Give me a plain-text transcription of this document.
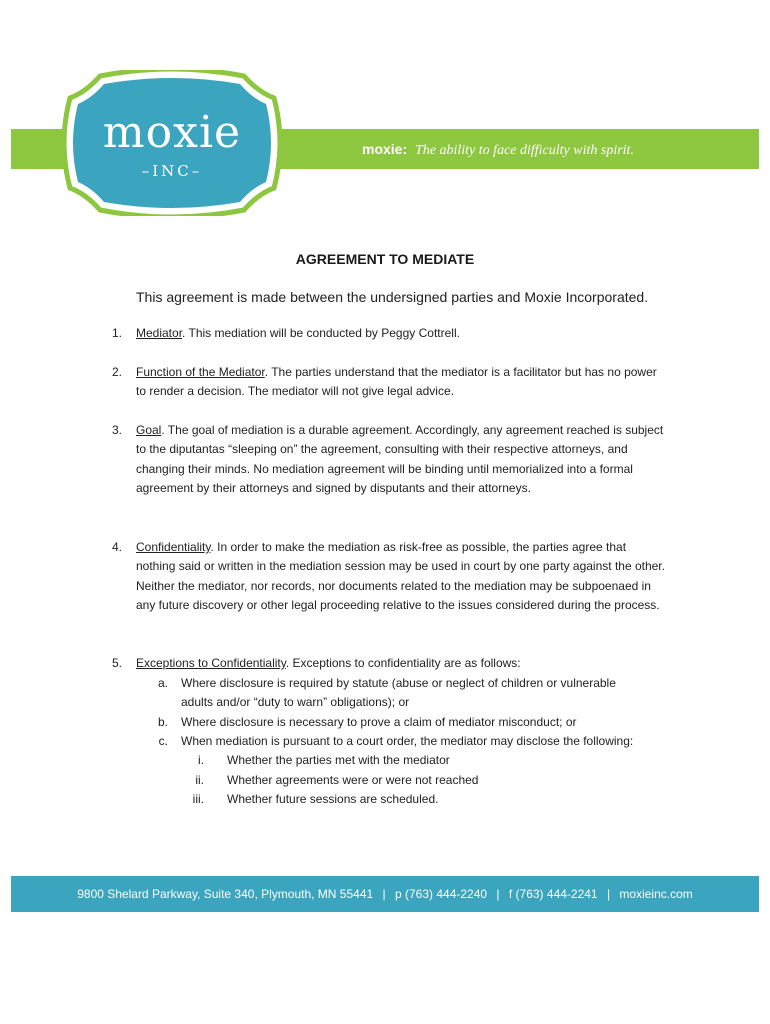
moxie: The ability to face difficulty with spirit.
moxie
–INC–
AGREEMENT TO MEDIATE
This agreement is made between the undersigned parties and Moxie Incorporated.
1.	Mediator. This mediation will be conducted by Peggy Cottrell.
2.	Function of the Mediator. The parties understand that the mediator is a facilitator but has no power to render a decision. The mediator will not give legal advice.
3.	Goal. The goal of mediation is a durable agreement. Accordingly, any agreement reached is subject to the diputantas “sleeping on” the agreement, consulting with their respective attorneys, and changing their minds. No mediation agreement will be binding until memorialized into a formal agreement by their attorneys and signed by disputants and their attorneys.
4.	Confidentiality. In order to make the mediation as risk-free as possible, the parties agree that nothing said or written in the mediation session may be used in court by one party against the other. Neither the mediator, nor records, nor documents related to the mediation may be subpoenaed in any future discovery or other legal proceeding relative to the issues considered during the process.
5.	Exceptions to Confidentiality. Exceptions to confidentiality are as follows:
a. Where disclosure is required by statute (abuse or neglect of children or vulnerable
adults and/or “duty to warn” obligations); or
b. Where disclosure is necessary to prove a claim of mediator misconduct; or
c. When mediation is pursuant to a court order, the mediator may disclose the following:
i. Whether the parties met with the mediator
ii. Whether agreements were or were not reached
iii. Whether future sessions are scheduled.
9800 Shelard Parkway, Suite 340, Plymouth, MN 55441 | p (763) 444-2240 | f (763) 444-2241 | moxieinc.com
